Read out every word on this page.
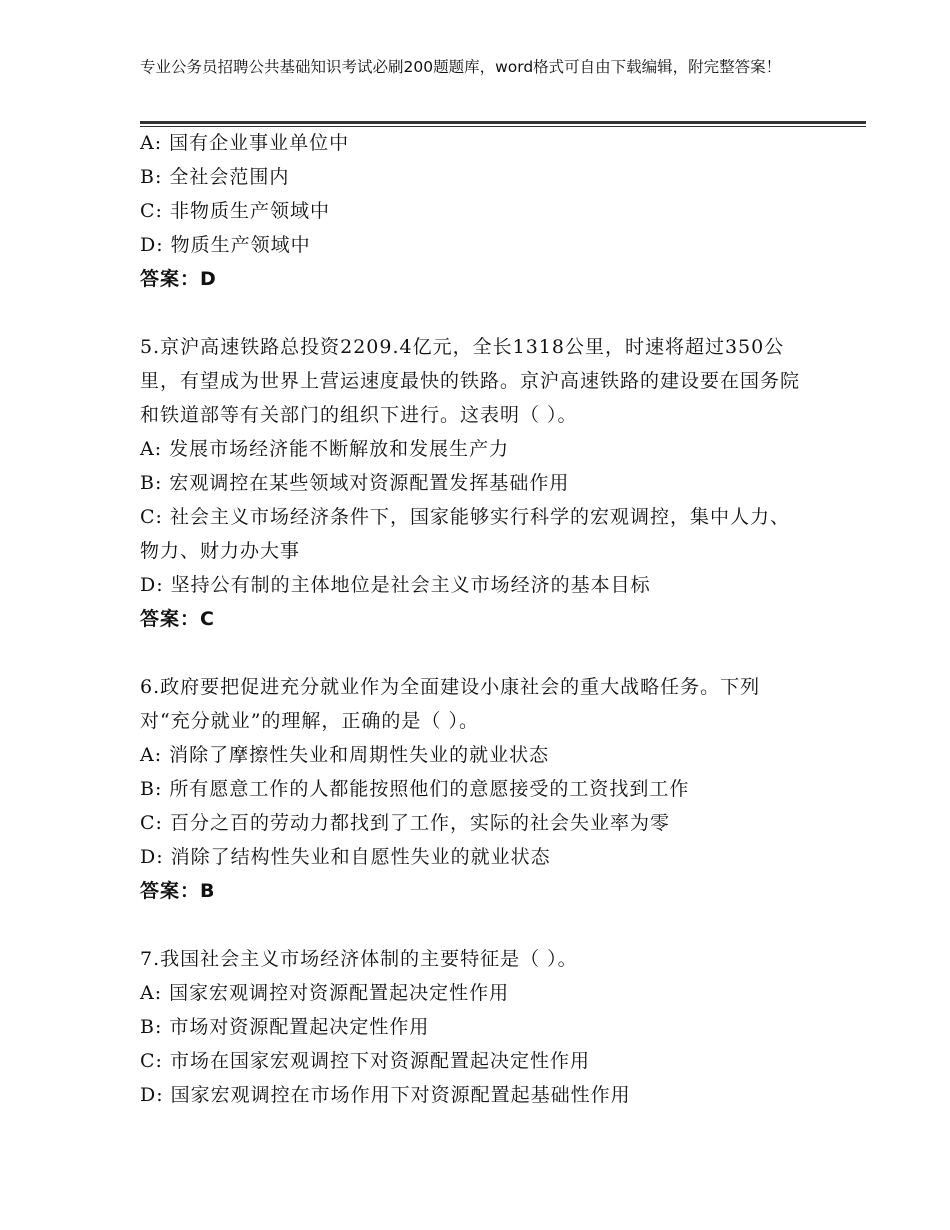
专业公务员招聘公共基础知识考试必刷200题题库，word格式可自由下载编辑，附完整答案！
A: 国有企业事业单位中
B: 全社会范围内
C: 非物质生产领域中
D: 物质生产领域中
答案：D
5.京沪高速铁路总投资2209.4亿元，全长1318公里，时速将超过350公里，有望成为世界上营运速度最快的铁路。京沪高速铁路的建设要在国务院和铁道部等有关部门的组织下进行。这表明（ ）。
A: 发展市场经济能不断解放和发展生产力
B: 宏观调控在某些领域对资源配置发挥基础作用
C: 社会主义市场经济条件下，国家能够实行科学的宏观调控，集中人力、物力、财力办大事
D: 坚持公有制的主体地位是社会主义市场经济的基本目标
答案：C
6.政府要把促进充分就业作为全面建设小康社会的重大战略任务。下列对“充分就业”的理解，正确的是（ ）。
A: 消除了摩擦性失业和周期性失业的就业状态
B: 所有愿意工作的人都能按照他们的意愿接受的工资找到工作
C: 百分之百的劳动力都找到了工作，实际的社会失业率为零
D: 消除了结构性失业和自愿性失业的就业状态
答案：B
7.我国社会主义市场经济体制的主要特征是（ ）。
A: 国家宏观调控对资源配置起决定性作用
B: 市场对资源配置起决定性作用
C: 市场在国家宏观调控下对资源配置起决定性作用
D: 国家宏观调控在市场作用下对资源配置起基础性作用
